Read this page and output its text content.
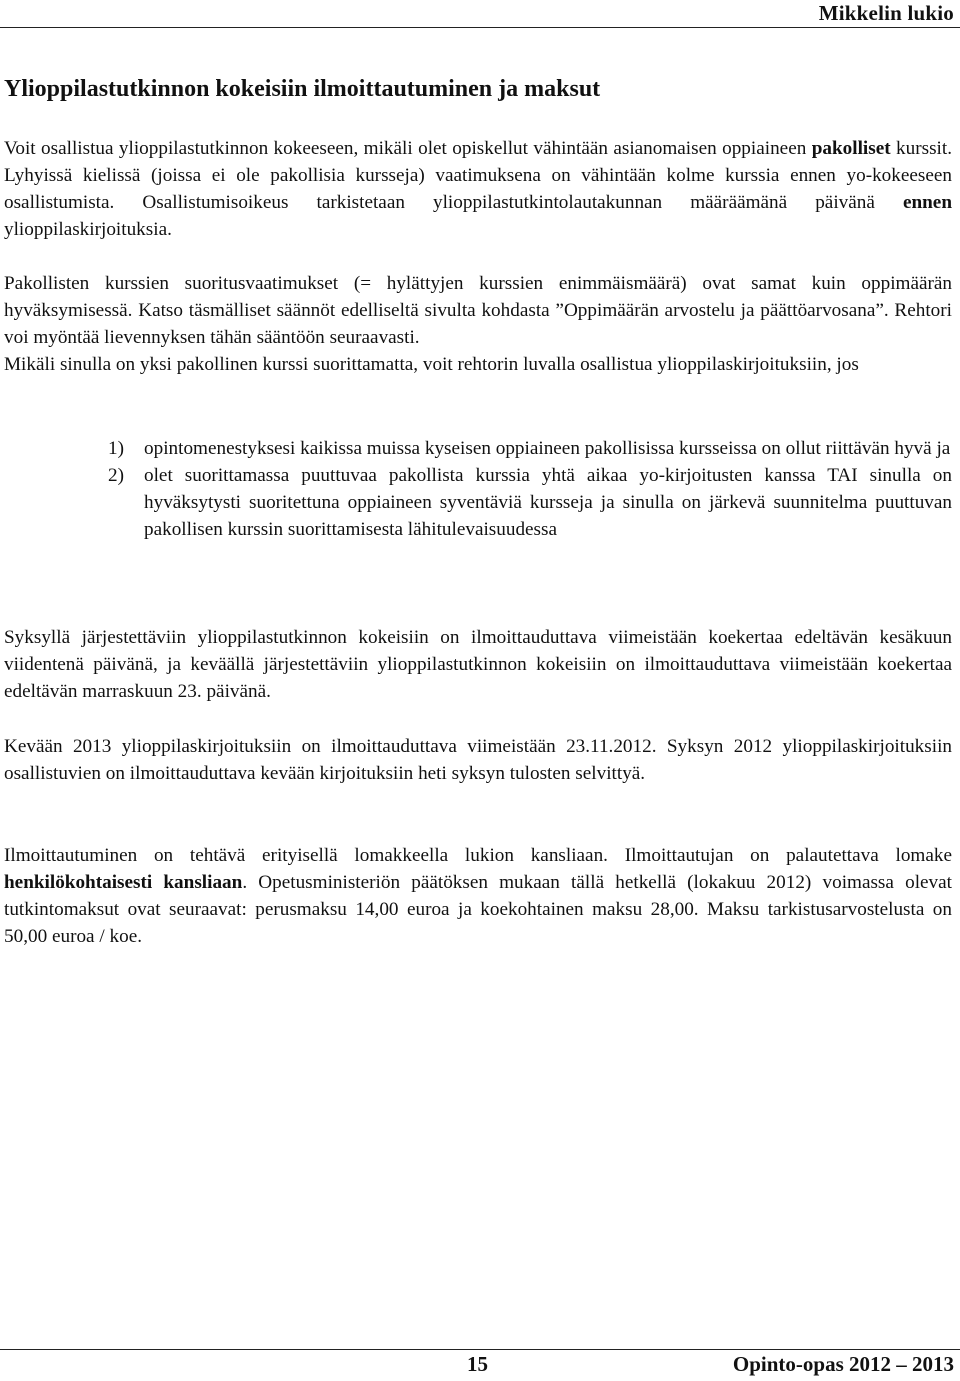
Mikkelin lukio
Ylioppilastutkinnon kokeisiin ilmoittautuminen ja maksut

Voit osallistua ylioppilastutkinnon kokeeseen, mikäli olet opiskellut vähintään asianomaisen oppiaineen pakolliset kurssit. Lyhyissä kielissä (joissa ei ole pakollisia kursseja) vaatimuksena on vähintään kolme kurssia ennen yo-kokeeseen osallistumista. Osallistumisoikeus tarkistetaan ylioppilastutkintolautakunnan määräämänä päivänä ennen ylioppilaskirjoituksia.

Pakollisten kurssien suoritusvaatimukset (= hylättyjen kurssien enimmäismäärä) ovat samat kuin oppimäärän hyväksymisessä. Katso täsmälliset säännöt edelliseltä sivulta kohdasta ”Oppimäärän arvostelu ja päättöarvosana”. Rehtori voi myöntää lievennyksen tähän sääntöön seuraavasti.

Mikäli sinulla on yksi pakollinen kurssi suorittamatta, voit rehtorin luvalla osallistua ylioppilaskirjoituksiin, jos

1) opintomenestyksesi kaikissa muissa kyseisen oppiaineen pakollisissa kursseissa on ollut riittävän hyvä ja
2) olet suorittamassa puuttuvaa pakollista kurssia yhtä aikaa yo-kirjoitusten kanssa TAI sinulla on hyväksytysti suoritettuna oppiaineen syventäviä kursseja ja sinulla on järkevä suunnitelma puuttuvan pakollisen kurssin suorittamisesta lähitulevaisuudessa

Syksyllä järjestettäviin ylioppilastutkinnon kokeisiin on ilmoittauduttava viimeistään koekertaa edeltävän kesäkuun viidentenä päivänä, ja keväällä järjestettäviin ylioppilastutkinnon kokeisiin on ilmoittauduttava viimeistään koekertaa edeltävän marraskuun 23. päivänä.

Kevään 2013 ylioppilaskirjoituksiin on ilmoittauduttava viimeistään 23.11.2012. Syksyn 2012 ylioppilaskirjoituksiin osallistuvien on ilmoittauduttava kevään kirjoituksiin heti syksyn tulosten selvittyä.

Ilmoittautuminen on tehtävä erityisellä lomakkeella lukion kansliaan. Ilmoittautujan on palautettava lomake henkilökohtaisesti kansliaan. Opetusministeriön päätöksen mukaan tällä hetkellä (lokakuu 2012) voimassa olevat tutkintomaksut ovat seuraavat: perusmaksu 14,00 euroa ja koekohtainen maksu 28,00. Maksu tarkistusarvostelusta on 50,00 euroa / koe.

15	Opinto-opas 2012 – 2013
